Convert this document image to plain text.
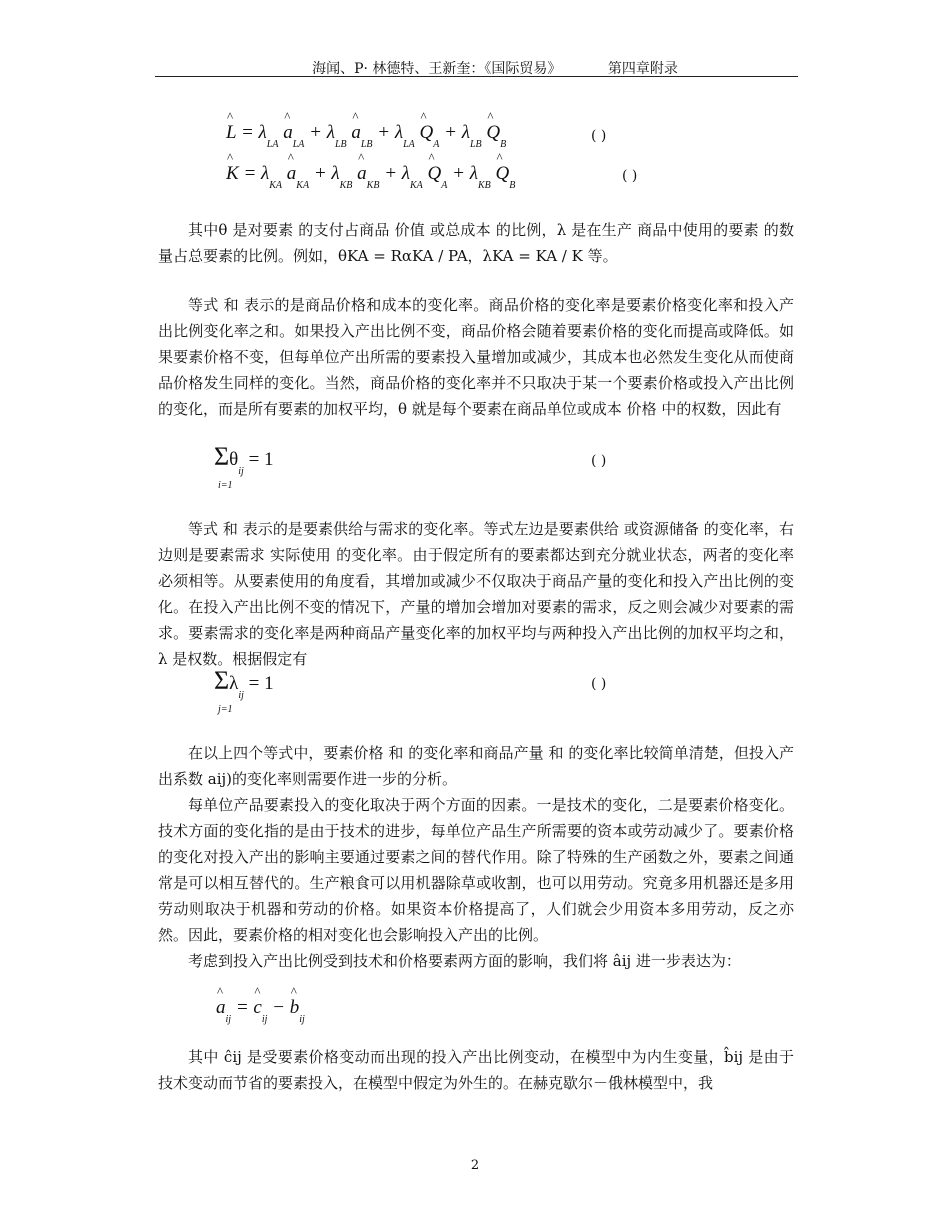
海闻、P· 林德特、王新奎：《国际贸易》	第四章附录
^ $L = \lambda_{LA}$ ^ $a_{LA} + \lambda_{LB}$ ^ $a_{LB} + \lambda_{LA}$ ^ $Q_A + \lambda_{LB}$ ^ $Q_B$
( )
^ $K = \lambda_{KA}$ ^ $a_{KA} + \lambda_{KB}$ ^ $a_{KB} + \lambda_{KA}$ ^ $Q_A + \lambda_{KB}$ ^ $Q_B$
( )

其中θ 是对要素 的支付占商品 价值 或总成本 的比例，λ 是在生产 商品中使用的要素 的数量占总要素的比例。例如，θKA = RαKA / PA，λKA = KA / K 等。

等式 和 表示的是商品价格和成本的变化率。商品价格的变化率是要素价格变化率和投入产出比例变化率之和。如果投入产出比例不变，商品价格会随着要素价格的变化而提高或降低。如果要素价格不变，但每单位产出所需的要素投入量增加或减少，其成本也必然发生变化从而使商品价格发生同样的变化。当然，商品价格的变化率并不只取决于某一个要素价格或投入产出比例的变化，而是所有要素的加权平均，θ 就是每个要素在商品单位或成本 价格 中的权数，因此有

$\Sigma\theta_{ij} = 1$
i=1
( )

等式 和 表示的是要素供给与需求的变化率。等式左边是要素供给 或资源储备 的变化率，右边则是要素需求 实际使用 的变化率。由于假定所有的要素都达到充分就业状态，两者的变化率必须相等。从要素使用的角度看，其增加或减少不仅取决于商品产量的变化和投入产出比例的变化。在投入产出比例不变的情况下，产量的增加会增加对要素的需求，反之则会减少对要素的需求。要素需求的变化率是两种商品产量变化率的加权平均与两种投入产出比例的加权平均之和，λ 是权数。根据假定有

$\Sigma\lambda_{ij} = 1$
j=1
( )

在以上四个等式中，要素价格 和 的变化率和商品产量 和 的变化率比较简单清楚，但投入产出系数 aij)的变化率则需要作进一步的分析。

每单位产品要素投入的变化取决于两个方面的因素。一是技术的变化，二是要素价格变化。技术方面的变化指的是由于技术的进步，每单位产品生产所需要的资本或劳动减少了。要素价格的变化对投入产出的影响主要通过要素之间的替代作用。除了特殊的生产函数之外，要素之间通常是可以相互替代的。生产粮食可以用机器除草或收割，也可以用劳动。究竟多用机器还是多用劳动则取决于机器和劳动的价格。如果资本价格提高了，人们就会少用资本多用劳动，反之亦然。因此，要素价格的相对变化也会影响投入产出的比例。

考虑到投入产出比例受到技术和价格要素两方面的影响，我们将 âij 进一步表达为：

^ $a_{ij}$ = ^ $c_{ij}$ − ^ $b_{ij}$

其中 ĉij 是受要素价格变动而出现的投入产出比例变动，在模型中为内生变量，b̂ij 是由于技术变动而节省的要素投入，在模型中假定为外生的。在赫克歇尔－俄林模型中，我

2
